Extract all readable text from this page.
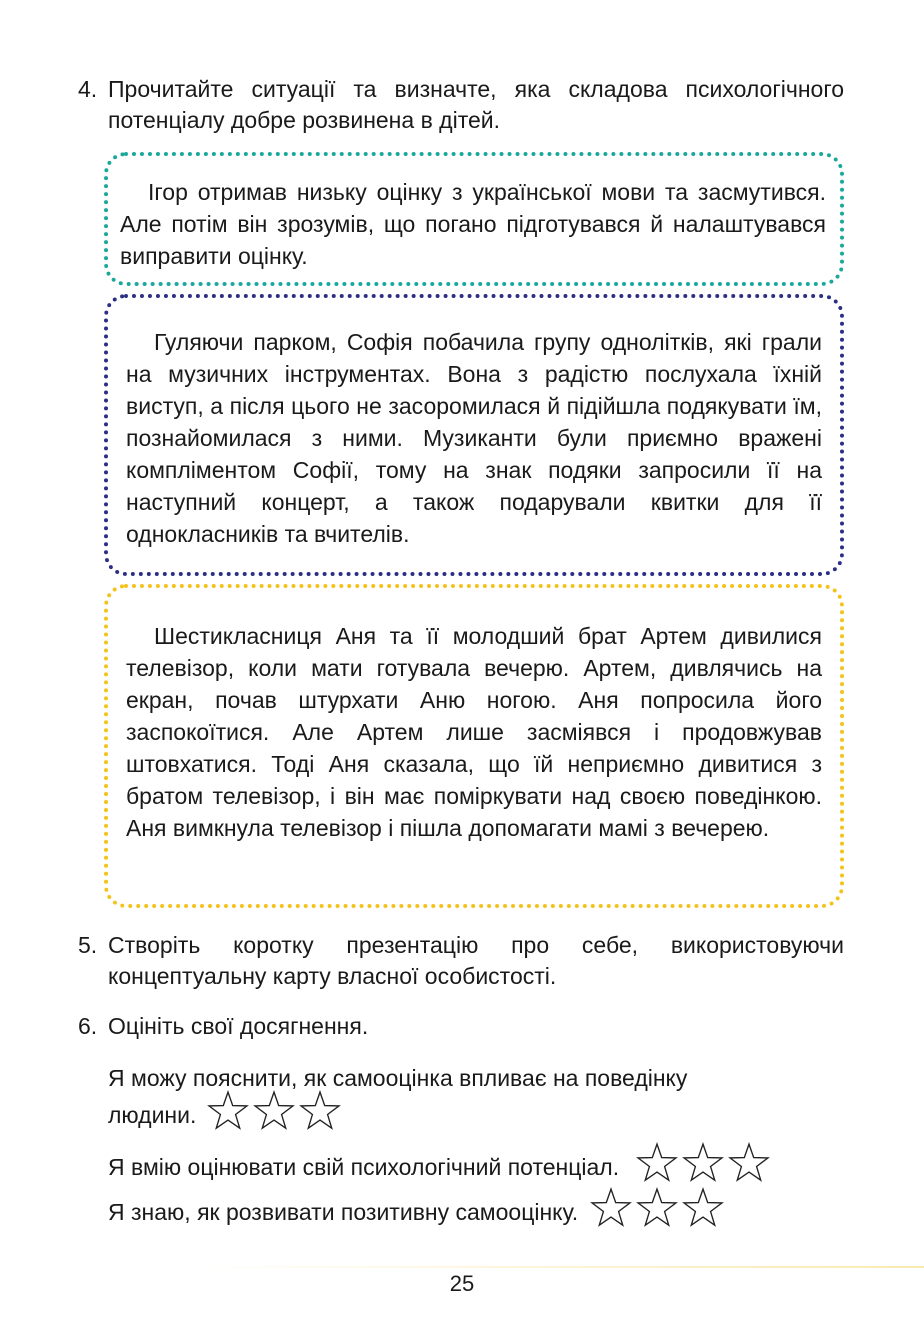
4. Прочитайте ситуації та визначте, яка складова психологічного потенціалу добре розвинена в дітей.

Ігор отримав низьку оцінку з української мови та засмутився. Але потім він зрозумів, що погано підготувався й налаштувався виправити оцінку.

Гуляючи парком, Софія побачила групу однолітків, які грали на музичних інструментах. Вона з радістю послухала їхній виступ, а після цього не засоромилася й підійшла подякувати їм, познайомилася з ними. Музиканти були приємно вражені компліментом Софії, тому на знак подяки запросили її на наступний концерт, а також подарували квитки для її однокласників та вчителів.

Шестикласниця Аня та її молодший брат Артем дивилися телевізор, коли мати готувала вечерю. Артем, дивлячись на екран, почав штурхати Аню ногою. Аня попросила його заспокоїтися. Але Артем лише засміявся і продовжував штовхатися. Тоді Аня сказала, що їй неприємно дивитися з братом телевізор, і він має поміркувати над своєю поведінкою. Аня вимкнула телевізор і пішла допомагати мамі з вечерею.

5. Створіть коротку презентацію про себе, використовуючи концептуальну карту власної особистості.
6. Оцініть свої досягнення.
Я можу пояснити, як самооцінка впливає на поведінку
людини.
Я вмію оцінювати свій психологічний потенціал.
Я знаю, як розвивати позитивну самооцінку.
25
